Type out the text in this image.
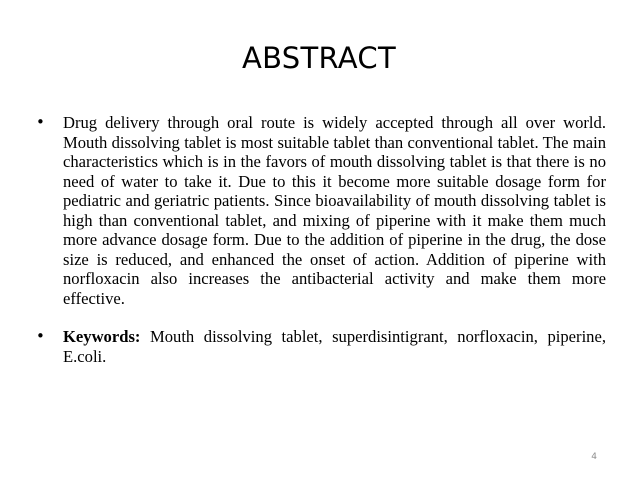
ABSTRACT
• Drug delivery through oral route is widely accepted through all over world. Mouth dissolving tablet is most suitable tablet than conventional tablet. The main characteristics which is in the favors of mouth dissolving tablet is that there is no need of water to take it. Due to this it become more suitable dosage form for pediatric and geriatric patients. Since bioavailability of mouth dissolving tablet is high than conventional tablet, and mixing of piperine with it make them much more advance dosage form. Due to the addition of piperine in the drug, the dose size is reduced, and enhanced the onset of action. Addition of piperine with norfloxacin also increases the antibacterial activity and make them more effective.
• Keywords: Mouth dissolving tablet, superdisintigrant, norfloxacin, piperine, E.coli.
4
